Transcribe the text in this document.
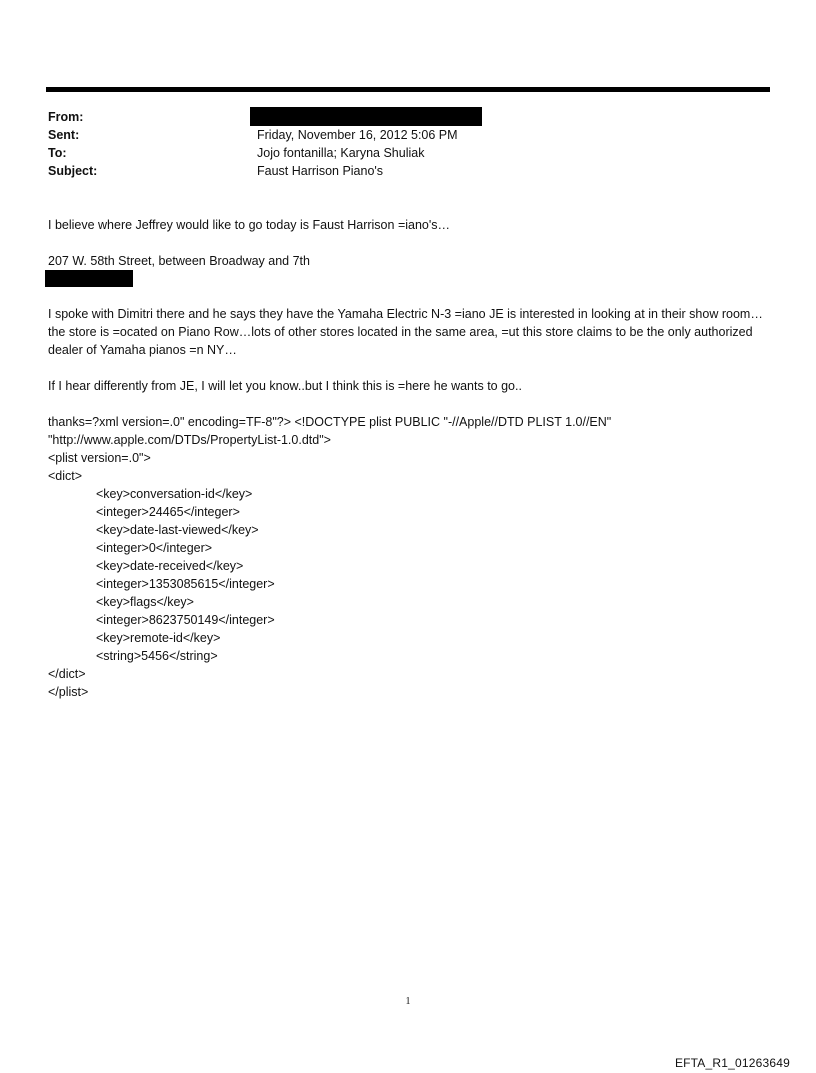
From:
Sent:	Friday, November 16, 2012 5:06 PM
To:	Jojo fontanilla; Karyna Shuliak
Subject:	Faust Harrison Piano's

I believe where Jeffrey would like to go today is Faust Harrison =iano's…

207 W. 58th Street, between Broadway and 7th

I spoke with Dimitri there and he says they have the Yamaha Electric N-3 =iano JE is interested in looking at in their show room…the store is =ocated on Piano Row…lots of other stores located in the same area, =ut this store claims to be the only authorized dealer of Yamaha pianos =n NY…

If I hear differently from JE, I will let you know..but I think this is =here he wants to go..

thanks=?xml version=.0" encoding=TF-8"?> <!DOCTYPE plist PUBLIC "-//Apple//DTD PLIST 1.0//EN"

"http://www.apple.com/DTDs/PropertyList-1.0.dtd">

<plist version=.0">

<dict>

<key>conversation-id</key>

<integer>24465</integer>

<key>date-last-viewed</key>

<integer>0</integer>

<key>date-received</key>

<integer>1353085615</integer>

<key>flags</key>

<integer>8623750149</integer>

<key>remote-id</key>

<string>5456</string>

</dict>

</plist>

1
EFTA_R1_01263649
